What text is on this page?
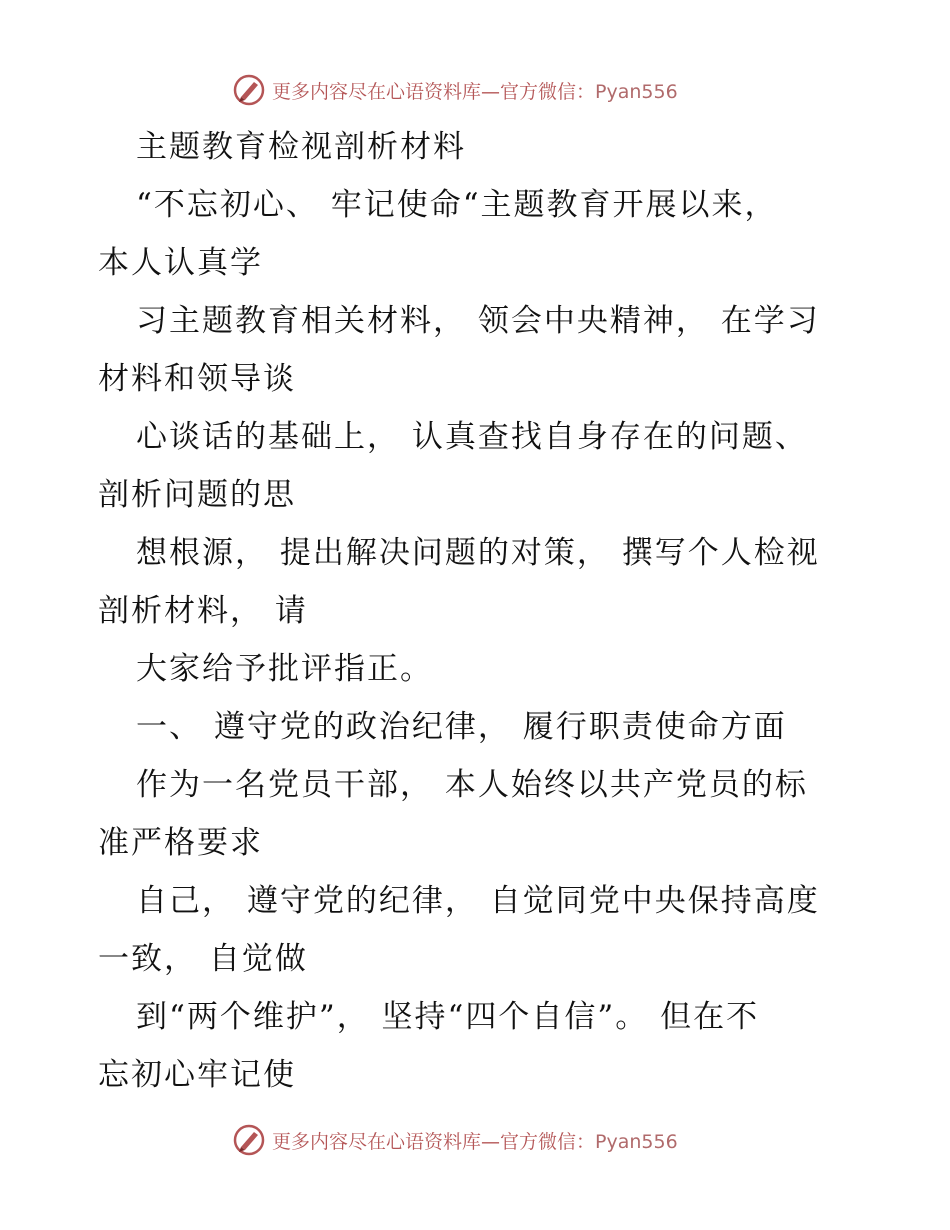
更多内容尽在心语资料库—官方微信：Pyan556
主题教育检视剖析材料
“不忘初心、 牢记使命“主题教育开展以来，
本人认真学
习主题教育相关材料， 领会中央精神， 在学习
材料和领导谈
心谈话的基础上， 认真查找自身存在的问题、
剖析问题的思
想根源， 提出解决问题的对策， 撰写个人检视
剖析材料， 请
大家给予批评指正。
一、 遵守党的政治纪律， 履行职责使命方面
作为一名党员干部， 本人始终以共产党员的标
准严格要求
自己， 遵守党的纪律， 自觉同党中央保持高度
一致， 自觉做
到“两个维护”， 坚持“四个自信”。 但在不
忘初心牢记使
更多内容尽在心语资料库—官方微信：Pyan556
